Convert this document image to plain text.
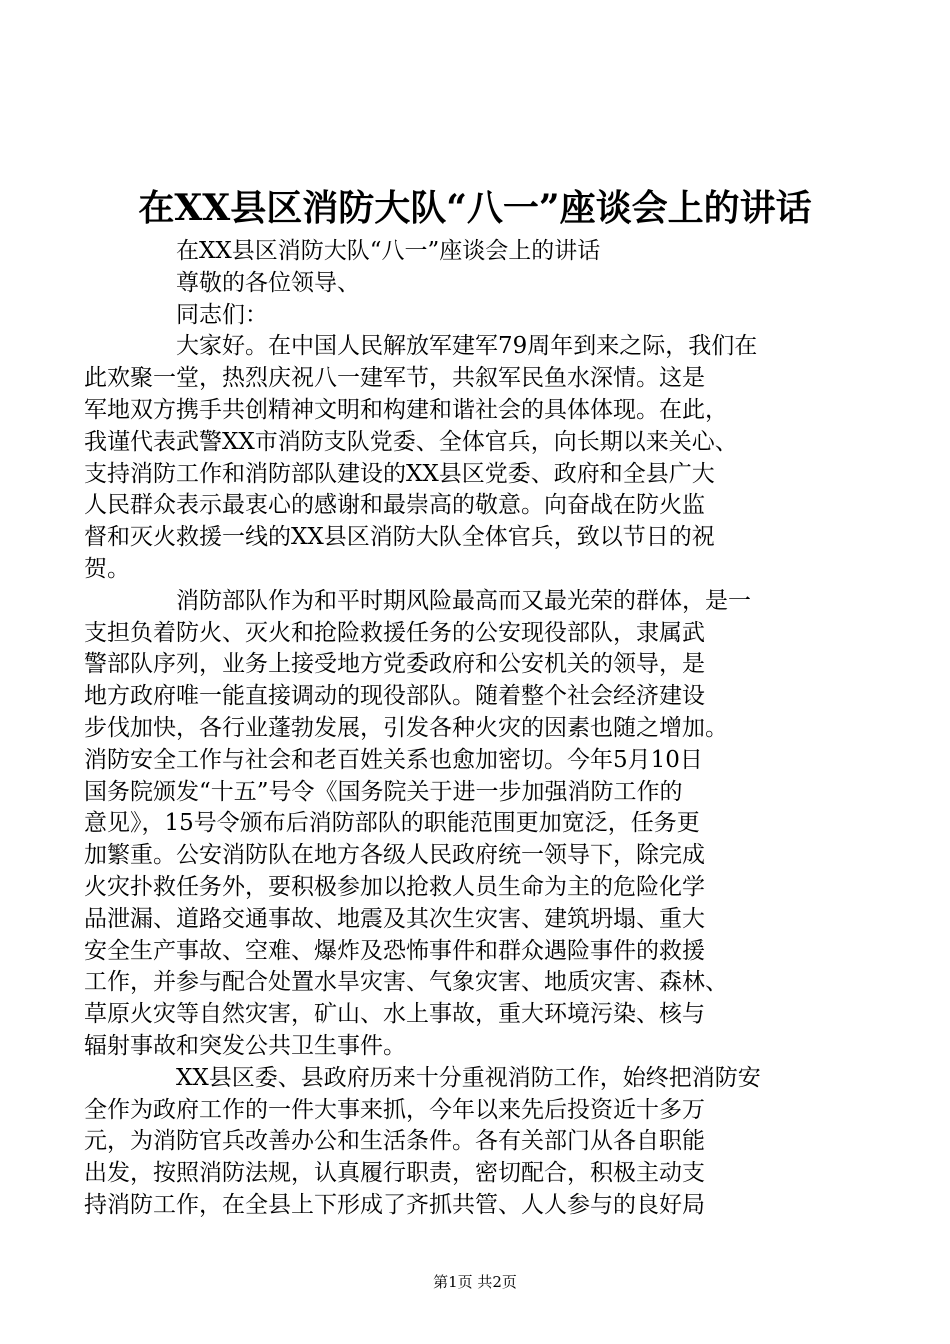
在XX县区消防大队“八一”座谈会上的讲话

在XX县区消防大队“八一”座谈会上的讲话

尊敬的各位领导、

同志们：

大家好。在中国人民解放军建军79周年到来之际，我们在
此欢聚一堂，热烈庆祝八一建军节，共叙军民鱼水深情。这是
军地双方携手共创精神文明和构建和谐社会的具体体现。在此，
我谨代表武警XX市消防支队党委、全体官兵，向长期以来关心、
支持消防工作和消防部队建设的XX县区党委、政府和全县广大
人民群众表示最衷心的感谢和最崇高的敬意。向奋战在防火监
督和灭火救援一线的XX县区消防大队全体官兵，致以节日的祝
贺。

消防部队作为和平时期风险最高而又最光荣的群体，是一
支担负着防火、灭火和抢险救援任务的公安现役部队，隶属武
警部队序列，业务上接受地方党委政府和公安机关的领导，是
地方政府唯一能直接调动的现役部队。随着整个社会经济建设
步伐加快，各行业蓬勃发展，引发各种火灾的因素也随之增加。
消防安全工作与社会和老百姓关系也愈加密切。今年5月10日
国务院颁发“十五”号令《国务院关于进一步加强消防工作的
意见》，15号令颁布后消防部队的职能范围更加宽泛，任务更
加繁重。公安消防队在地方各级人民政府统一领导下，除完成
火灾扑救任务外，要积极参加以抢救人员生命为主的危险化学
品泄漏、道路交通事故、地震及其次生灾害、建筑坍塌、重大
安全生产事故、空难、爆炸及恐怖事件和群众遇险事件的救援
工作，并参与配合处置水旱灾害、气象灾害、地质灾害、森林、
草原火灾等自然灾害，矿山、水上事故，重大环境污染、核与
辐射事故和突发公共卫生事件。

XX县区委、县政府历来十分重视消防工作，始终把消防安
全作为政府工作的一件大事来抓，今年以来先后投资近十多万
元，为消防官兵改善办公和生活条件。各有关部门从各自职能
出发，按照消防法规，认真履行职责，密切配合，积极主动支
持消防工作，在全县上下形成了齐抓共管、人人参与的良好局

第1页 共2页
